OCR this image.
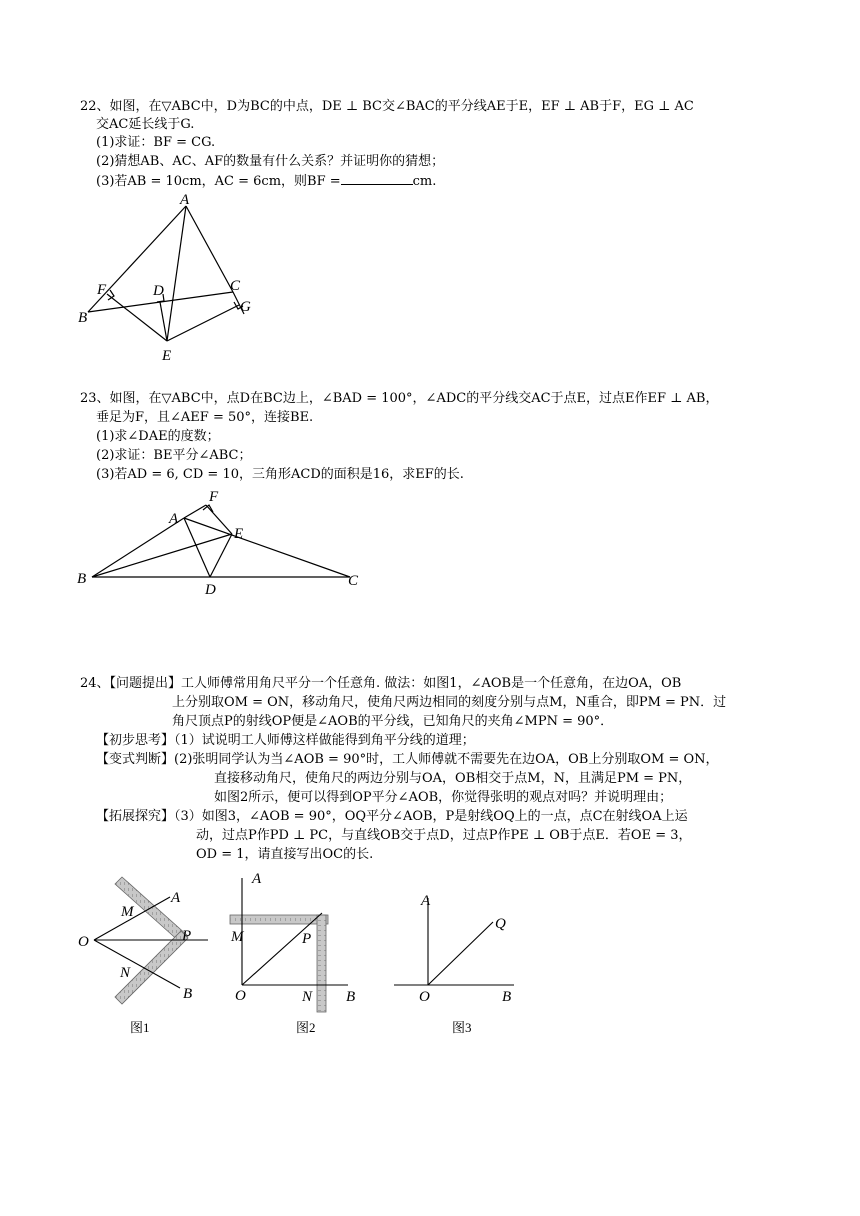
22、如图，在▽ABC中，D为BC的中点，DE ⊥ BC交∠BAC的平分线AE于E，EF ⊥ AB于F，EG ⊥ AC
交AC延长线于G.
(1)求证：BF = CG.
(2)猜想AB、AC、AF的数量有什么关系？并证明你的猜想；
(3)若AB = 10cm，AC = 6cm，则BF =	cm.
A
F	D	C
B
G
E
23、如图，在▽ABC中，点D在BC边上，∠BAD = 100°，∠ADC的平分线交AC于点E，过点E作EF ⊥ AB，
垂足为F，且∠AEF = 50°，连接BE.
(1)求∠DAE的度数；
(2)求证：BE平分∠ABC；
(3)若AD = 6, CD = 10，三角形ACD的面积是16，求EF的长.
F
A
E
B
D
C
24、【问题提出】工人师傅常用角尺平分一个任意角. 做法：如图1，∠AOB是一个任意角，在边OA，OB
上分别取OM = ON，移动角尺，使角尺两边相同的刻度分别与点M，N重合，即PM = PN．过
角尺顶点P的射线OP便是∠AOB的平分线，已知角尺的夹角∠MPN = 90°．
【初步思考】（1）试说明工人师傅这样做能得到角平分线的道理；
【变式判断】(2)张明同学认为当∠AOB = 90°时，工人师傅就不需要先在边OA，OB上分别取OM = ON，
直接移动角尺，使角尺的两边分别与OA，OB相交于点M，N，且满足PM = PN，
如图2所示，便可以得到OP平分∠AOB，你觉得张明的观点对吗？并说明理由；
【拓展探究】（3）如图3，∠AOB = 90°，OQ平分∠AOB，P是射线OQ上的一点，点C在射线OA上运
动，过点P作PD ⊥ PC，与直线OB交于点D，过点P作PE ⊥ OB于点E．若OE = 3，
OD = 1，请直接写出OC的长.
A
M
O	P
N
B
图1
A
M	P
O	N B
图2
A
Q
O	B
图3
